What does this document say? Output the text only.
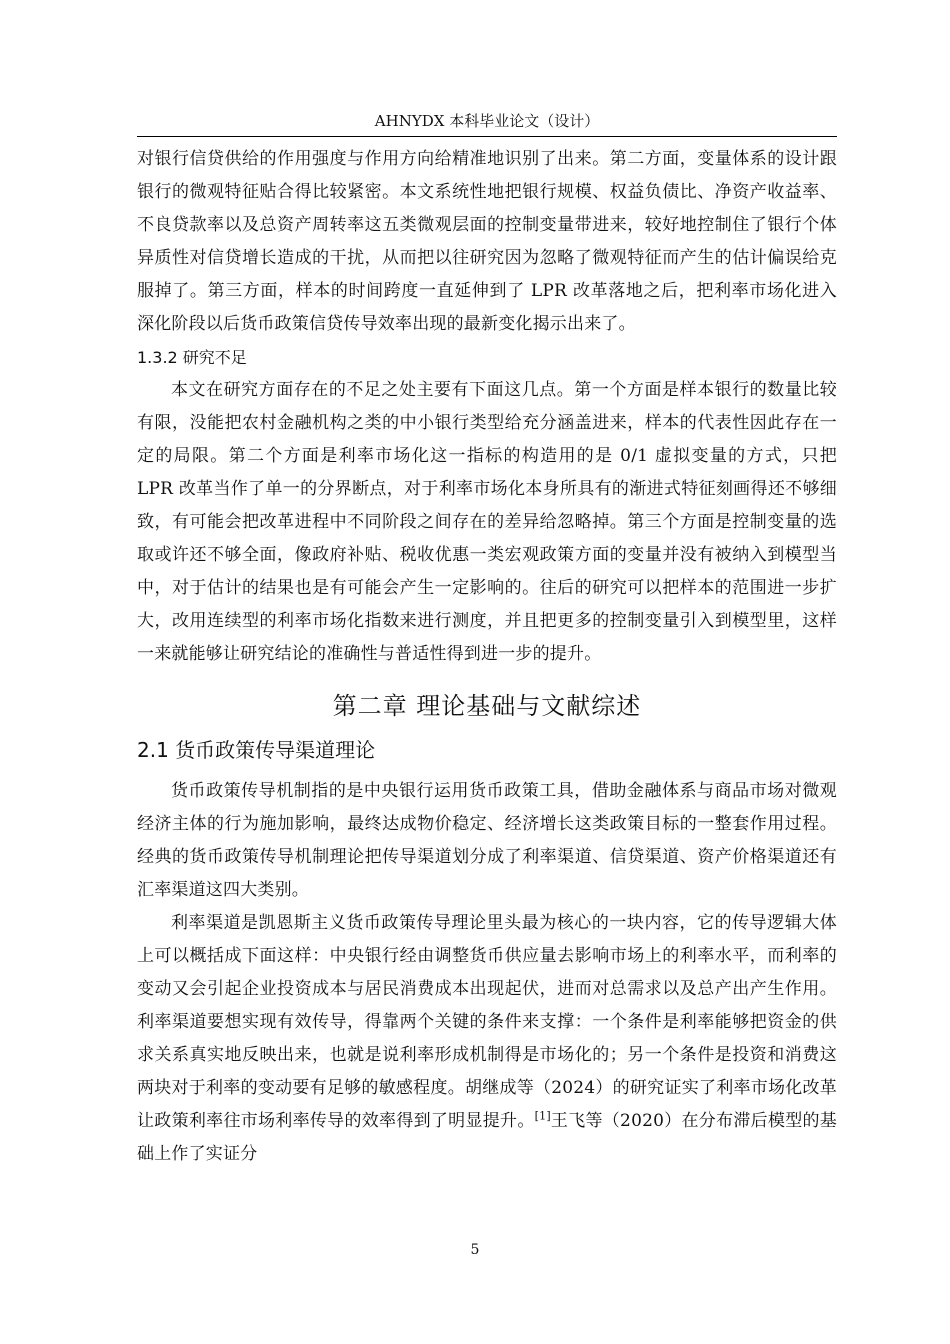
AHNYDX 本科毕业论文（设计）

对银行信贷供给的作用强度与作用方向给精准地识别了出来。第二方面，变量体系的设计跟银行的微观特征贴合得比较紧密。本文系统性地把银行规模、权益负债比、净资产收益率、不良贷款率以及总资产周转率这五类微观层面的控制变量带进来，较好地控制住了银行个体异质性对信贷增长造成的干扰，从而把以往研究因为忽略了微观特征而产生的估计偏误给克服掉了。第三方面，样本的时间跨度一直延伸到了 LPR 改革落地之后，把利率市场化进入深化阶段以后货币政策信贷传导效率出现的最新变化揭示出来了。

1.3.2 研究不足

本文在研究方面存在的不足之处主要有下面这几点。第一个方面是样本银行的数量比较有限，没能把农村金融机构之类的中小银行类型给充分涵盖进来，样本的代表性因此存在一定的局限。第二个方面是利率市场化这一指标的构造用的是 0/1 虚拟变量的方式，只把 LPR 改革当作了单一的分界断点，对于利率市场化本身所具有的渐进式特征刻画得还不够细致，有可能会把改革进程中不同阶段之间存在的差异给忽略掉。第三个方面是控制变量的选取或许还不够全面，像政府补贴、税收优惠一类宏观政策方面的变量并没有被纳入到模型当中，对于估计的结果也是有可能会产生一定影响的。往后的研究可以把样本的范围进一步扩大，改用连续型的利率市场化指数来进行测度，并且把更多的控制变量引入到模型里，这样一来就能够让研究结论的准确性与普适性得到进一步的提升。

第二章 理论基础与文献综述
2.1 货币政策传导渠道理论

货币政策传导机制指的是中央银行运用货币政策工具，借助金融体系与商品市场对微观经济主体的行为施加影响，最终达成物价稳定、经济增长这类政策目标的一整套作用过程。经典的货币政策传导机制理论把传导渠道划分成了利率渠道、信贷渠道、资产价格渠道还有汇率渠道这四大类别。

利率渠道是凯恩斯主义货币政策传导理论里头最为核心的一块内容，它的传导逻辑大体上可以概括成下面这样：中央银行经由调整货币供应量去影响市场上的利率水平，而利率的变动又会引起企业投资成本与居民消费成本出现起伏，进而对总需求以及总产出产生作用。利率渠道要想实现有效传导，得靠两个关键的条件来支撑：一个条件是利率能够把资金的供求关系真实地反映出来，也就是说利率形成机制得是市场化的；另一个条件是投资和消费这两块对于利率的变动要有足够的敏感程度。胡继成等（2024）的研究证实了利率市场化改革让政策利率往市场利率传导的效率得到了明显提升。[1]王飞等（2020）在分布滞后模型的基础上作了实证分

5
